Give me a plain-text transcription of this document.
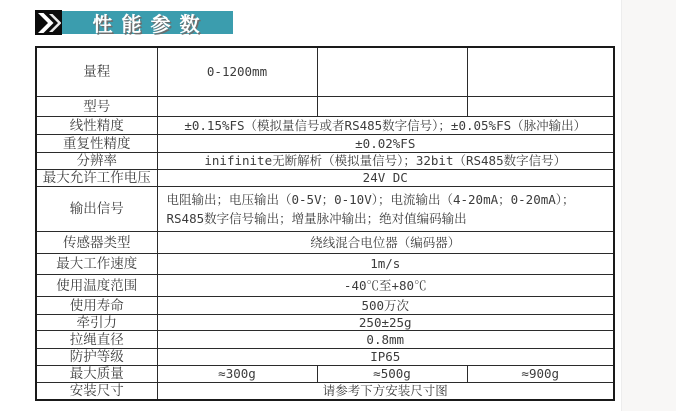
性能参数
量程	0-1200mm		
型号			
线性精度	±0.15%FS（模拟量信号或者RS485数字信号）；±0.05%FS（脉冲输出）		
重复性精度	±0.02%FS		
分辨率	inifinite无断解析（模拟量信号）；32bit（RS485数字信号）		
最大允许工作电压	24V DC		
输出信号	电阻输出；电压输出（0-5V；0-10V）；电流输出（4-20mA；0-20mA）；
RS485数字信号输出；增量脉冲输出；绝对值编码输出		

传感器类型	绕线混合电位器（编码器）		
最大工作速度	1m/s		
使用温度范围	-40℃至+80℃		
使用寿命	500万次		
牵引力	250±25g		
拉绳直径	0.8mm		
防护等级	IP65		
最大质量	≈300g	≈500g	≈900g
安装尺寸	请参考下方安装尺寸图		
